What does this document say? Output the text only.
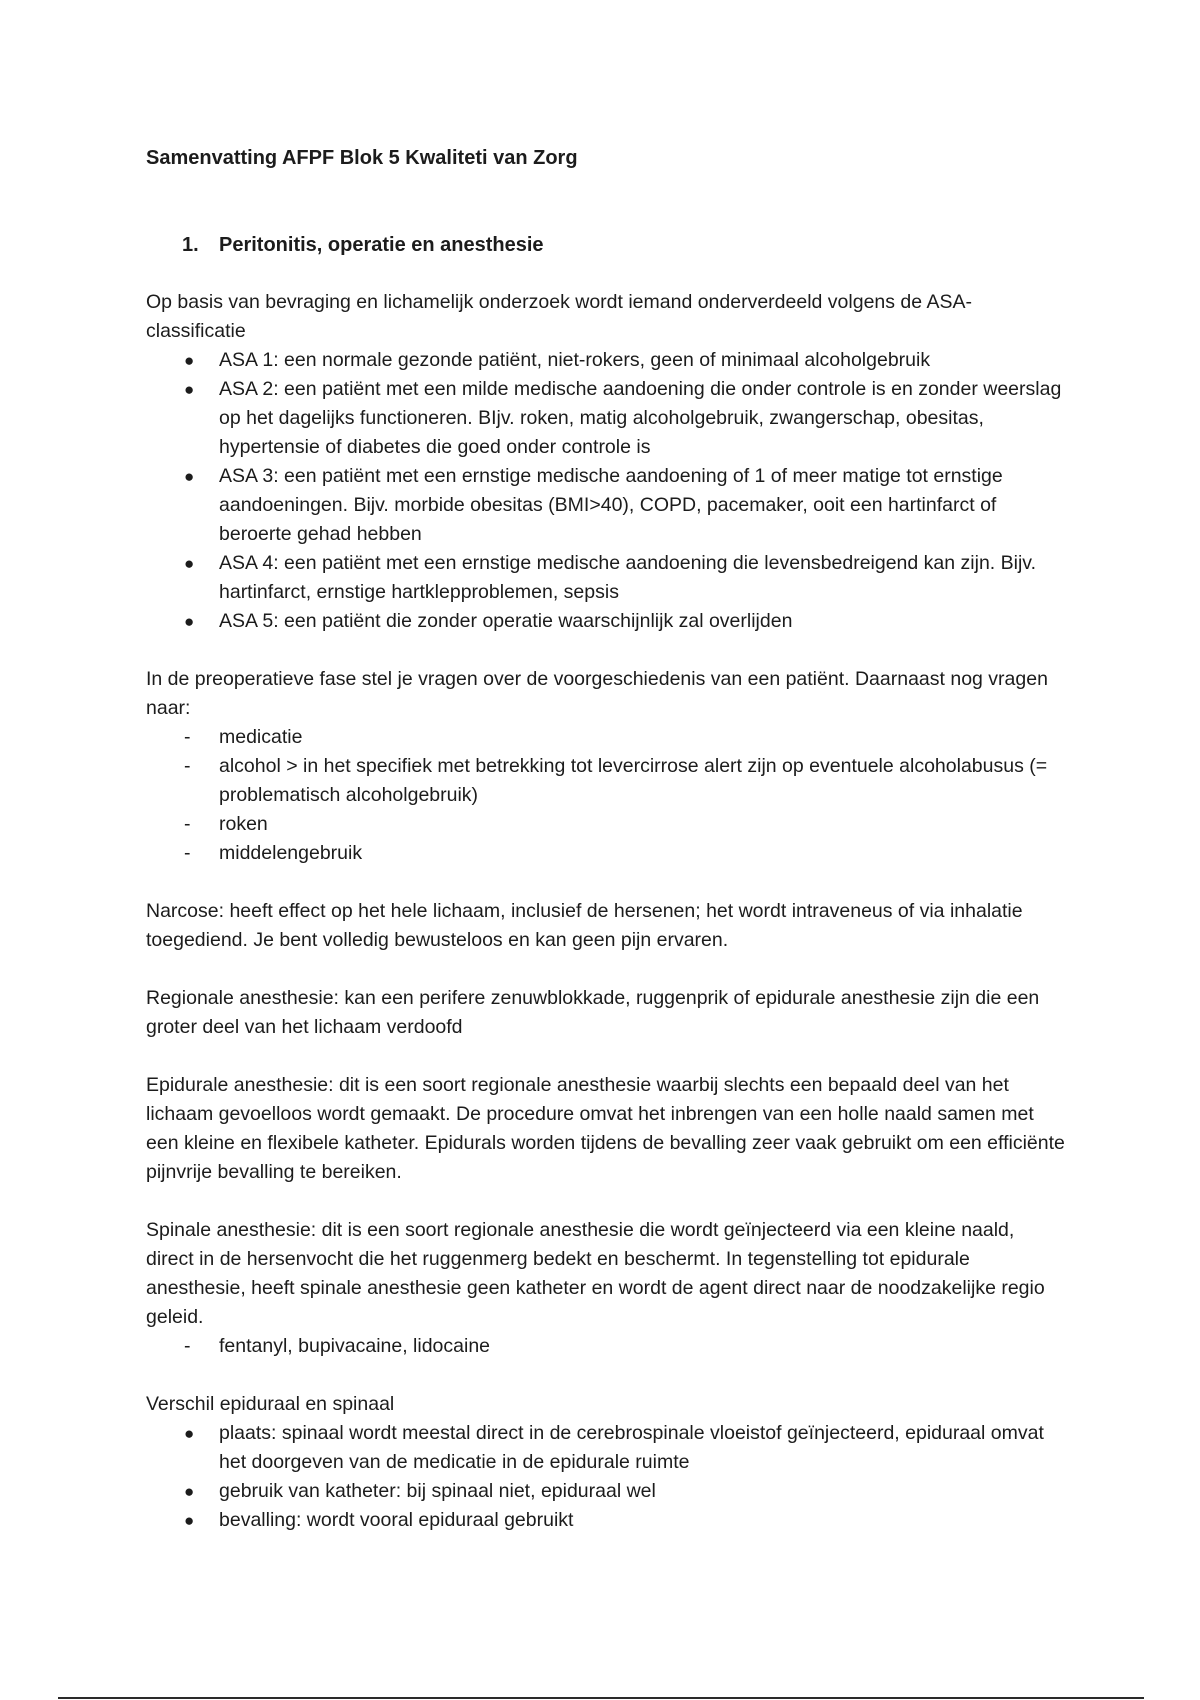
Samenvatting AFPF Blok 5 Kwaliteti van Zorg

1. Peritonitis, operatie en anesthesie

Op basis van bevraging en lichamelijk onderzoek wordt iemand onderverdeeld volgens de ASA-classificatie

● ASA 1: een normale gezonde patiënt, niet-rokers, geen of minimaal alcoholgebruik
● ASA 2: een patiënt met een milde medische aandoening die onder controle is en zonder weerslag op het dagelijks functioneren. BIjv. roken, matig alcoholgebruik, zwangerschap, obesitas, hypertensie of diabetes die goed onder controle is
● ASA 3: een patiënt met een ernstige medische aandoening of 1 of meer matige tot ernstige aandoeningen. Bijv. morbide obesitas (BMI>40), COPD, pacemaker, ooit een hartinfarct of beroerte gehad hebben
● ASA 4: een patiënt met een ernstige medische aandoening die levensbedreigend kan zijn. Bijv. hartinfarct, ernstige hartklepproblemen, sepsis
● ASA 5: een patiënt die zonder operatie waarschijnlijk zal overlijden

In de preoperatieve fase stel je vragen over de voorgeschiedenis van een patiënt. Daarnaast nog vragen naar:

- medicatie
- alcohol > in het specifiek met betrekking tot levercirrose alert zijn op eventuele alcoholabusus (= problematisch alcoholgebruik)
- roken
- middelengebruik

Narcose: heeft effect op het hele lichaam, inclusief de hersenen; het wordt intraveneus of via inhalatie toegediend. Je bent volledig bewusteloos en kan geen pijn ervaren.

Regionale anesthesie: kan een perifere zenuwblokkade, ruggenprik of epidurale anesthesie zijn die een groter deel van het lichaam verdoofd

Epidurale anesthesie: dit is een soort regionale anesthesie waarbij slechts een bepaald deel van het lichaam gevoelloos wordt gemaakt. De procedure omvat het inbrengen van een holle naald samen met een kleine en flexibele katheter. Epidurals worden tijdens de bevalling zeer vaak gebruikt om een efficiënte pijnvrije bevalling te bereiken.

Spinale anesthesie: dit is een soort regionale anesthesie die wordt geïnjecteerd via een kleine naald, direct in de hersenvocht die het ruggenmerg bedekt en beschermt. In tegenstelling tot epidurale anesthesie, heeft spinale anesthesie geen katheter en wordt de agent direct naar de noodzakelijke regio geleid.

- fentanyl, bupivacaine, lidocaine

Verschil epiduraal en spinaal

● plaats: spinaal wordt meestal direct in de cerebrospinale vloeistof geïnjecteerd, epiduraal omvat het doorgeven van de medicatie in de epidurale ruimte
● gebruik van katheter: bij spinaal niet, epiduraal wel
● bevalling: wordt vooral epiduraal gebruikt
